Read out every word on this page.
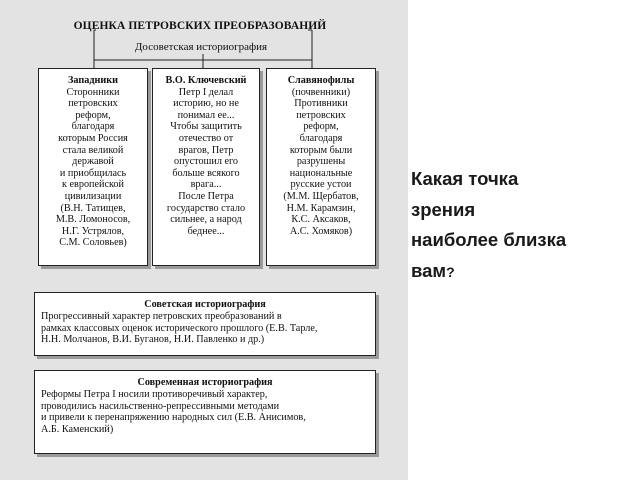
ОЦЕНКА ПЕТРОВСКИХ ПРЕОБРАЗОВАНИЙ
Досоветская историография
Западники
Сторонники
петровских
реформ,
благодаря
которым Россия
стала великой
державой
и приобщилась
к европейской
цивилизации
(В.Н. Татищев,
М.В. Ломоносов,
Н.Г. Устрялов,
С.М. Соловьев)
В.О. Ключевский
Петр I делал
историю, но не
понимал ее...
Чтобы защитить
отечество от
врагов, Петр
опустошил его
больше всякого
врага...
После Петра
государство стало
сильнее, а народ
беднее...
Славянофилы
(почвенники)
Противники
петровских
реформ,
благодаря
которым были
разрушены
национальные
русские устои
(М.М. Щербатов,
Н.М. Карамзин,
К.С. Аксаков,
А.С. Хомяков)
Советская историография
Прогрессивный характер петровских преобразований в
рамках классовых оценок исторического прошлого (Е.В. Тарле,
Н.Н. Молчанов, В.И. Буганов, Н.И. Павленко и др.)
Современная историография
Реформы Петра I носили противоречивый характер,
проводились насильственно-репрессивными методами
и привели к перенапряжению народных сил (Е.В. Анисимов,
А.Б. Каменский)
Какая точка
зрения
наиболее близка
вам?
